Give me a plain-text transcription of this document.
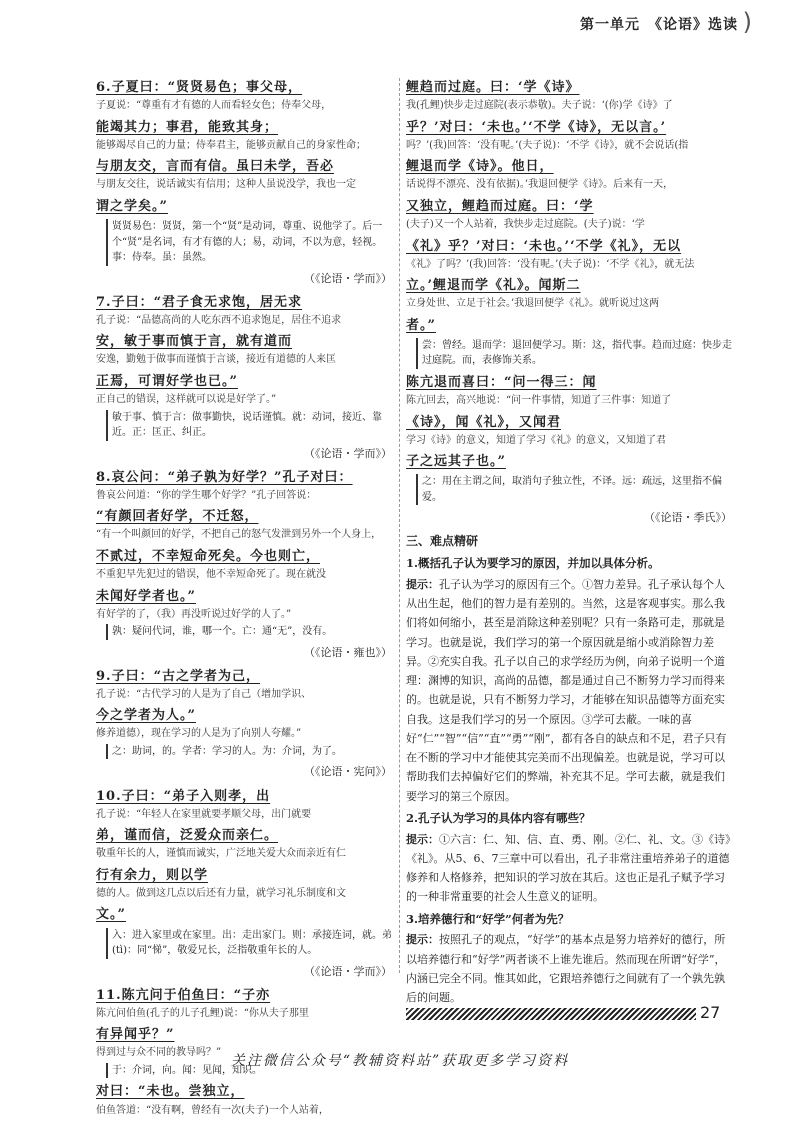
第一单元　《论语》选读 )
6.子夏曰：“贤贤易色；事父母，
子夏说：“尊重有才有德的人而看轻女色；侍奉父母，
能竭其力；事君，能致其身；
能够竭尽自己的力量；侍奉君主，能够贡献自己的身家性命；
与朋友交，言而有信。虽曰未学，吾必
与朋友交往，说话诚实有信用；这种人虽说没学，我也一定
谓之学矣。”
贤贤易色：贤贤，第一个“贤”是动词，尊重、说他学了。后一个“贤”是名词，有才有德的人；易，动词，不以为意，轻视。事：侍奉。虽：虽然。
（《论语・学而》）
7.子曰：“君子食无求饱，居无求
孔子说：“品德高尚的人吃东西不追求饱足，居住不追求
安，敏于事而慎于言，就有道而
安逸，勤勉于做事而谨慎于言谈，接近有道德的人来匡
正焉，可谓好学也已。”
正自己的错误，这样就可以说是好学了。”
敏于事、慎于言：做事勤快，说话谨慎。就：动词，接近、靠近。正：匡正、纠正。
（《论语・学而》）
8.哀公问：“弟子孰为好学？”孔子对曰：
鲁哀公问道：“你的学生哪个好学？”孔子回答说：
“有颜回者好学，不迁怒，
“有一个叫颜回的好学，不把自己的怒气发泄到另外一个人身上，
不贰过，不幸短命死矣。今也则亡，
不重犯早先犯过的错误，他不幸短命死了。现在就没
未闻好学者也。”
有好学的了，（我）再没听说过好学的人了。”
孰：疑问代词，谁，哪一个。亡：通“无”，没有。
（《论语・雍也》）
9.子曰：“古之学者为己，
孔子说：“古代学习的人是为了自己（增加学识、
今之学者为人。”
修养道德），现在学习的人是为了向别人夸耀。”
之：助词，的。学者：学习的人。为：介词，为了。
（《论语・宪问》）
10.子曰：“弟子入则孝，出
孔子说：“年轻人在家里就要孝顺父母，出门就要
弟，谨而信，泛爱众而亲仁。
敬重年长的人，谨慎而诚实，广泛地关爱大众而亲近有仁
行有余力，则以学
德的人。做到这几点以后还有力量，就学习礼乐制度和文
文。”
入：进入家里或在家里。出：走出家门。则：承接连词，就。弟(tì)：同“悌”，敬爱兄长，泛指敬重年长的人。
（《论语・学而》）
11.陈亢问于伯鱼曰：“子亦
陈亢问伯鱼(孔子的儿子孔鲤)说：“你从夫子那里
有异闻乎？”
得到过与众不同的教导吗？”
于：介词，向。闻：见闻，知识。
对曰：“未也。尝独立，
伯鱼答道：“没有啊，曾经有一次(夫子)一个人站着，
鲤趋而过庭。曰：‘学《诗》
我(孔鲤)快步走过庭院(表示恭敬)。夫子说：‘(你)学《诗》了
乎？’对曰：‘未也。’‘不学《诗》，无以言。’
吗？’(我)回答：‘没有呢。’(夫子说)：‘不学《诗》，就不会说话(指
鲤退而学《诗》。他日，
话说得不漂亮、没有依据)。’我退回便学《诗》。后来有一天，
又独立，鲤趋而过庭。曰：‘学
(夫子)又一个人站着，我快步走过庭院。(夫子)说：‘学
《礼》乎？’对曰：‘未也。’‘不学《礼》，无以
《礼》了吗？’(我)回答：‘没有呢。’(夫子说)：‘不学《礼》，就无法
立。’鲤退而学《礼》。闻斯二
立身处世、立足于社会。’我退回便学《礼》。就听说过这两
者。”
尝：曾经。退而学：退回便学习。斯：这，指代事。趋而过庭：快步走过庭院。而，表修饰关系。
陈亢退而喜曰：“问一得三：闻
陈亢回去，高兴地说：“问一件事情，知道了三件事：知道了
《诗》，闻《礼》，又闻君
学习《诗》的意义，知道了学习《礼》的意义，又知道了君
子之远其子也。”
之：用在主谓之间，取消句子独立性，不译。远：疏远，这里指不偏爱。
（《论语・季氏》）
三、难点精研
1.概括孔子认为要学习的原因，并加以具体分析。
提示：孔子认为学习的原因有三个。①智力差异。孔子承认每个人从出生起，他们的智力是有差别的。当然，这是客观事实。那么我们将如何缩小，甚至是消除这种差别呢？只有一条路可走，那就是学习。也就是说，我们学习的第一个原因就是缩小或消除智力差异。②充实自我。孔子以自己的求学经历为例，向弟子说明一个道理：渊博的知识，高尚的品德，都是通过自己不断努力学习而得来的。也就是说，只有不断努力学习，才能够在知识品德等方面充实自我。这是我们学习的另一个原因。③学可去蔽。一味的喜好“仁”“智”“信”“直”“勇”“刚”，都有各自的缺点和不足，君子只有在不断的学习中才能使其完美而不出现偏差。也就是说，学习可以帮助我们去掉偏好它们的弊端，补充其不足。学可去蔽，就是我们要学习的第三个原因。
2.孔子认为学习的具体内容有哪些？
提示：①六言：仁、知、信、直、勇、刚。②仁、礼、文。③《诗》《礼》。从5、6、7三章中可以看出，孔子非常注重培养弟子的道德修养和人格修养，把知识的学习放在其后。这也正是孔子赋予学习的一种非常重要的社会人生意义的证明。
3.培养德行和“好学”何者为先？
提示：按照孔子的观点，“好学”的基本点是努力培养好的德行，所以培养德行和“好学”两者谈不上谁先谁后。然而现在所谓“好学”，内涵已完全不同。惟其如此，它跟培养德行之间就有了一个孰先孰后的问题。
27
关注微信公众号“教辅资料站”获取更多学习资料
